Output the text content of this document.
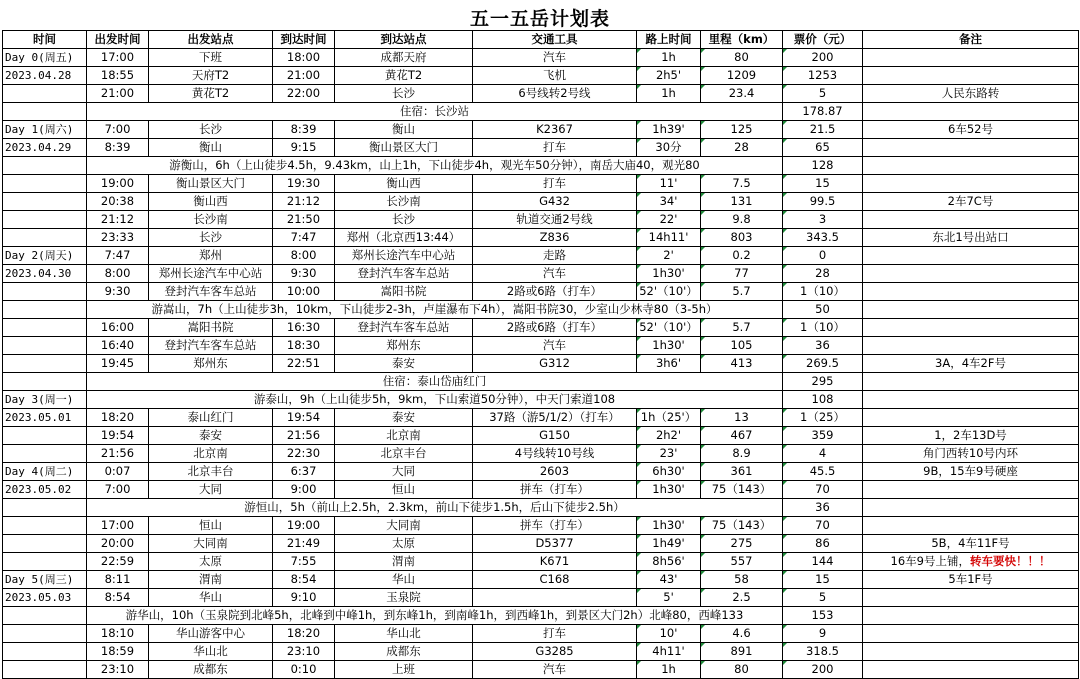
五一五岳计划表
时间	出发时间	出发站点	到达时间	到达站点	交通工具	路上时间	里程（km）	票价（元）	备注
Day 0(周五)	17:00	下班	18:00	成都天府	汽车	1h	80	200	
2023.04.28	18:55	天府T2	21:00	黄花T2	飞机	2h5'	1209	1253	
	21:00	黄花T2	22:00	长沙	6号线转2号线	1h	23.4	5	人民东路转
	住宿：长沙站							178.87	
Day 1(周六)	7:00	长沙	8:39	衡山	K2367	1h39'	125	21.5	6车52号
2023.04.29	8:39	衡山	9:15	衡山景区大门	打车	30分	28	65	
	游衡山，6h（上山徒步4.5h，9.43km，山上1h，下山徒步4h，观光车50分钟），南岳大庙40，观光80							128	
	19:00	衡山景区大门	19:30	衡山西	打车	11'	7.5	15	
	20:38	衡山西	21:12	长沙南	G432	34'	131	99.5	2车7C号
	21:12	长沙南	21:50	长沙	轨道交通2号线	22'	9.8	3	
	23:33	长沙	7:47	郑州（北京西13:44）	Z836	14h11'	803	343.5	东北1号出站口
Day 2(周天)	7:47	郑州	8:00	郑州长途汽车中心站	走路	2'	0.2	0	
2023.04.30	8:00	郑州长途汽车中心站	9:30	登封汽车客车总站	汽车	1h30'	77	28	
	9:30	登封汽车客车总站	10:00	嵩阳书院	2路或6路（打车）	52'（10'）	5.7	1（10）	
	游嵩山，7h（上山徒步3h，10km，下山徒步2-3h，卢崖瀑布下4h），嵩阳书院30，少室山少林寺80（3-5h）							50	
	16:00	嵩阳书院	16:30	登封汽车客车总站	2路或6路（打车）	52'（10'）	5.7	1（10）	
	16:40	登封汽车客车总站	18:30	郑州东	汽车	1h30'	105	36	
	19:45	郑州东	22:51	泰安	G312	3h6'	413	269.5	3A，4车2F号
	住宿：泰山岱庙红门							295	
Day 3(周一)	游泰山，9h（上山徒步5h，9km，下山索道50分钟），中天门索道108							108	
2023.05.01	18:20	泰山红门	19:54	泰安	37路（游5/1/2）（打车）	1h（25'）	13	1（25）	
	19:54	泰安	21:56	北京南	G150	2h2'	467	359	1，2车13D号
	21:56	北京南	22:30	北京丰台	4号线转10号线	23'	8.9	4	角门西转10号内环
Day 4(周二)	0:07	北京丰台	6:37	大同	2603	6h30'	361	45.5	9B，15车9号硬座
2023.05.02	7:00	大同	9:00	恒山	拼车（打车）	1h30'	75（143）	70	
	游恒山，5h（前山上2.5h，2.3km，前山下徒步1.5h，后山下徒步2.5h）							36	
	17:00	恒山	19:00	大同南	拼车（打车）	1h30'	75（143）	70	
	20:00	大同南	21:49	太原	D5377	1h49'	275	86	5B，4车11F号
	22:59	太原	7:55	渭南	K671	8h56'	557	144	16车9号上铺，转车要快！！！
Day 5(周三)	8:11	渭南	8:54	华山	C168	43'	58	15	5车1F号
2023.05.03	8:54	华山	9:10	玉泉院		5'	2.5	5	
	游华山，10h（玉泉院到北峰5h，北峰到中峰1h，到东峰1h，到南峰1h，到西峰1h，到景区大门2h）北峰80，西峰133							153	
	18:10	华山游客中心	18:20	华山北	打车	10'	4.6	9	
	18:59	华山北	23:10	成都东	G3285	4h11'	891	318.5	
	23:10	成都东	0:10	上班	汽车	1h	80	200	
